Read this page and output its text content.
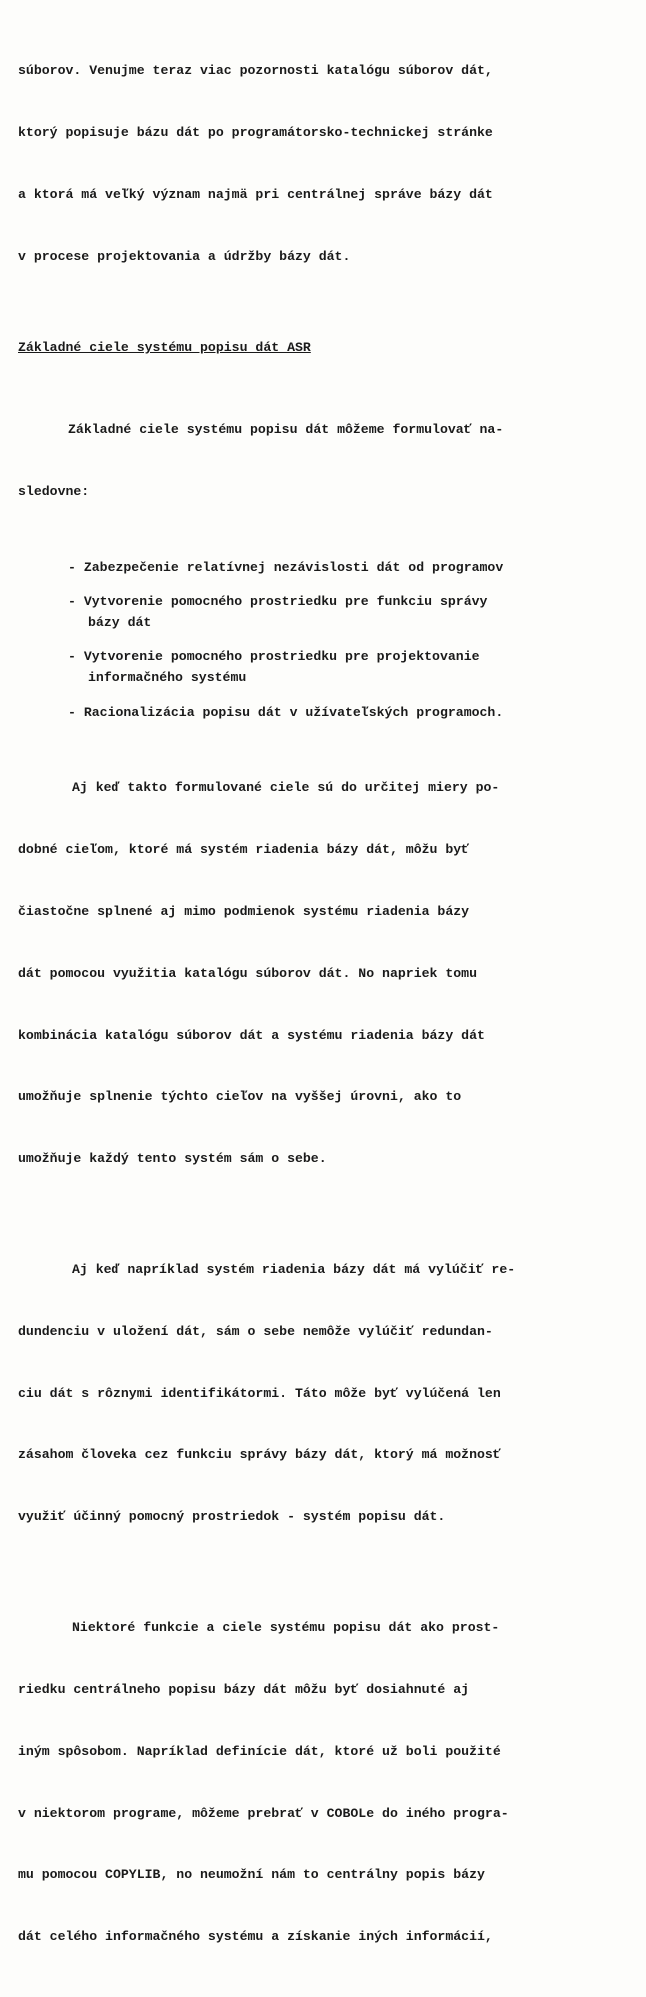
súborov. Venujme teraz viac pozornosti katalógu súborov dát,

ktorý popisuje bázu dát po programátorsko-technickej stránke

a ktorá má veľký význam najmä pri centrálnej správe bázy dát

v procese projektovania a údržby bázy dát.

Základné ciele systému popisu dát ASR

Základné ciele systému popisu dát môžeme formulovať na-

sledovne:

- Zabezpečenie relatívnej nezávislosti dát od programov
- Vytvorenie pomocného prostriedku pre funkciu správy
bázy dát
- Vytvorenie pomocného prostriedku pre projektovanie
informačného systému
- Racionalizácia popisu dát v užívateľských programoch.

Aj keď takto formulované ciele sú do určitej miery po-

dobné cieľom, ktoré má systém riadenia bázy dát, môžu byť

čiastočne splnené aj mimo podmienok systému riadenia bázy

dát pomocou využitia katalógu súborov dát. No napriek tomu

kombinácia katalógu súborov dát a systému riadenia bázy dát

umožňuje splnenie týchto cieľov na vyššej úrovni, ako to

umožňuje každý tento systém sám o sebe.

Aj keď napríklad systém riadenia bázy dát má vylúčiť re-

dundenciu v uložení dát, sám o sebe nemôže vylúčiť redundan-

ciu dát s rôznymi identifikátormi. Táto môže byť vylúčená len

zásahom človeka cez funkciu správy bázy dát, ktorý má možnosť

využiť účinný pomocný prostriedok - systém popisu dát.

Niektoré funkcie a ciele systému popisu dát ako prost-

riedku centrálneho popisu bázy dát môžu byť dosiahnuté aj

iným spôsobom. Napríklad definície dát, ktoré už boli použité

v niektorom programe, môžeme prebrať v COBOLe do iného progra-

mu pomocou COPYLIB, no neumožní nám to centrálny popis bázy

dát celého informačného systému a získanie iných informácií,
